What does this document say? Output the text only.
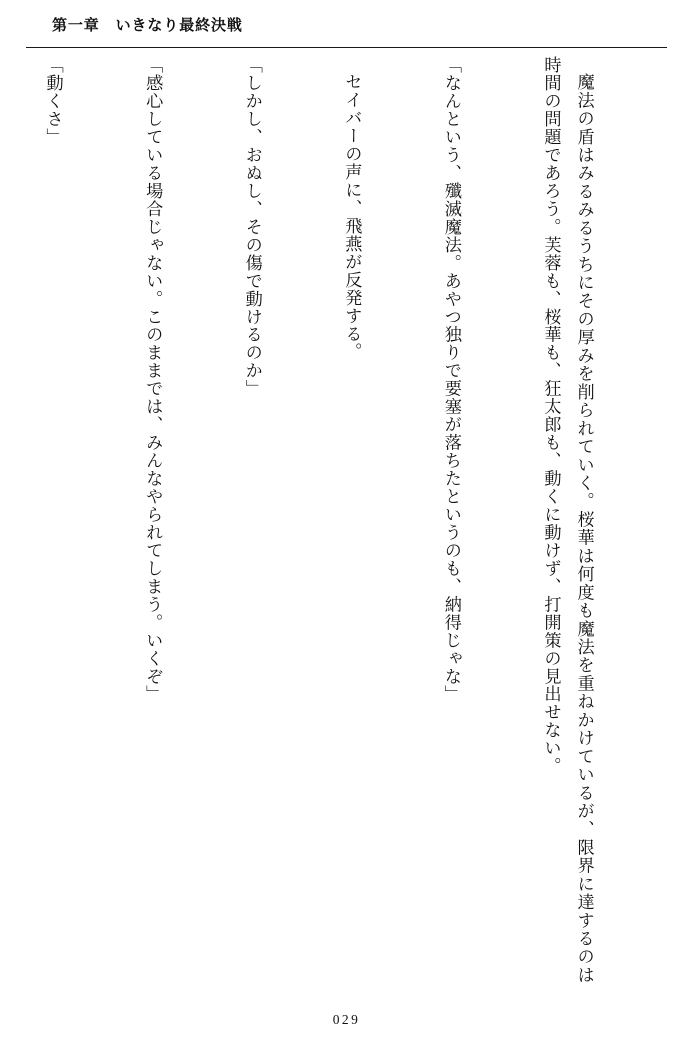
第一章　いきなり最終決戦

魔法の盾はみるみるうちにその厚みを削られていく。桜華は何度も魔法を重ねかけているが、限界に達するのは時間の問題であろう。芙蓉も、桜華も、狂太郎も、動くに動けず、打開策の見出せない。

「なんという、殲滅魔法。あやつ独りで要塞が落ちたというのも、納得じゃな」

セイバーの声に、飛燕が反発する。

「しかし、おぬし、その傷で動けるのか」

「感心している場合じゃない。このままでは、みんなやられてしまう。いくぞ」

「動くさ」

029
